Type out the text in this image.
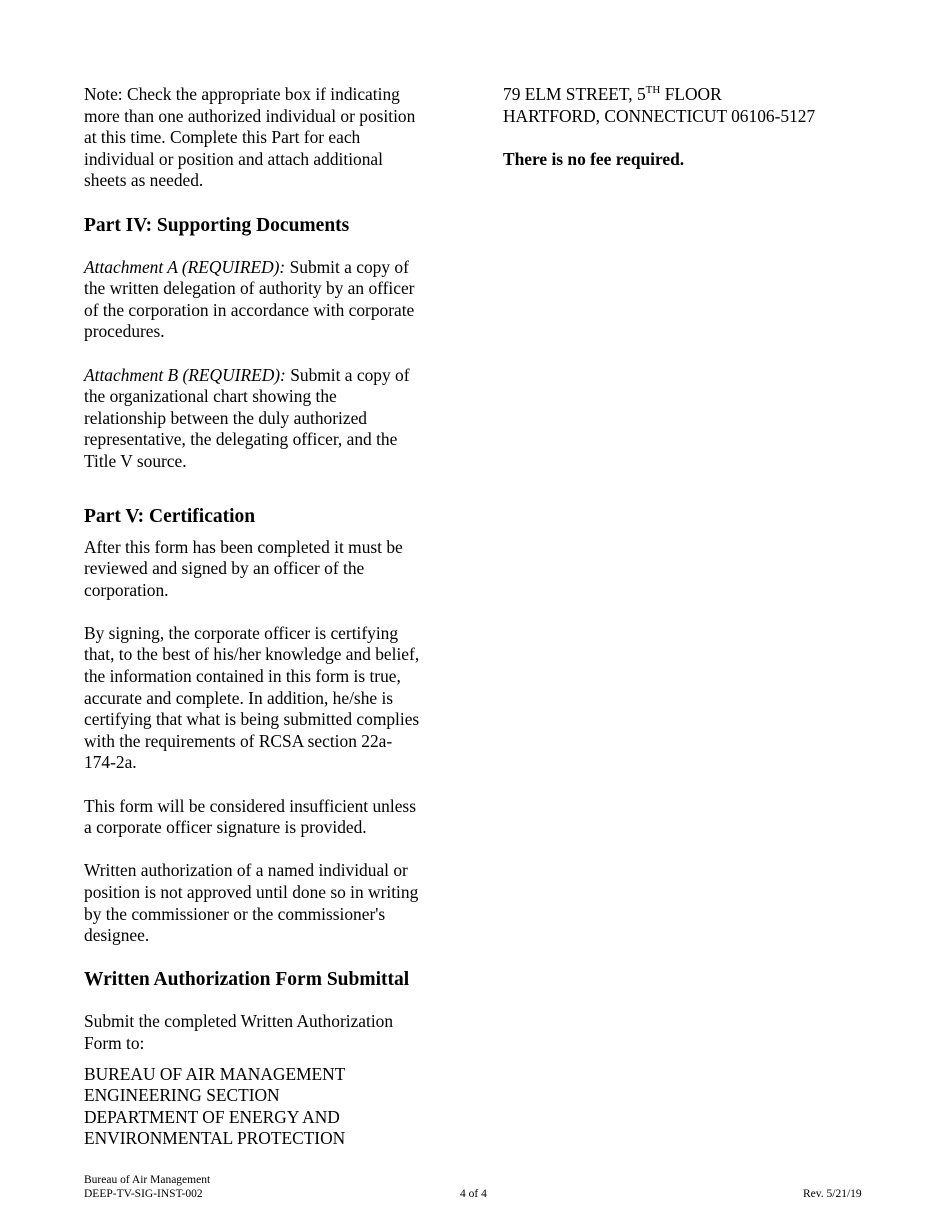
Note: Check the appropriate box if indicating
more than one authorized individual or position
at this time. Complete this Part for each
individual or position and attach additional
sheets as needed.

Part IV: Supporting Documents

Attachment A (REQUIRED): Submit a copy of
the written delegation of authority by an officer
of the corporation in accordance with corporate
procedures.

Attachment B (REQUIRED): Submit a copy of
the organizational chart showing the
relationship between the duly authorized
representative, the delegating officer, and the
Title V source.

Part V: Certification

After this form has been completed it must be
reviewed and signed by an officer of the
corporation.

By signing, the corporate officer is certifying
that, to the best of his/her knowledge and belief,
the information contained in this form is true,
accurate and complete. In addition, he/she is
certifying that what is being submitted complies
with the requirements of RCSA section 22a-
174-2a.

This form will be considered insufficient unless
a corporate officer signature is provided.

Written authorization of a named individual or
position is not approved until done so in writing
by the commissioner or the commissioner's
designee.

Written Authorization Form Submittal

Submit the completed Written Authorization
Form to:

BUREAU OF AIR MANAGEMENT
ENGINEERING SECTION
DEPARTMENT OF ENERGY AND
ENVIRONMENTAL PROTECTION

79 ELM STREET, 5TH FLOOR
HARTFORD, CONNECTICUT 06106-5127

There is no fee required.

Bureau of Air Management
DEEP-TV-SIG-INST-002	4 of 4	Rev. 5/21/19
